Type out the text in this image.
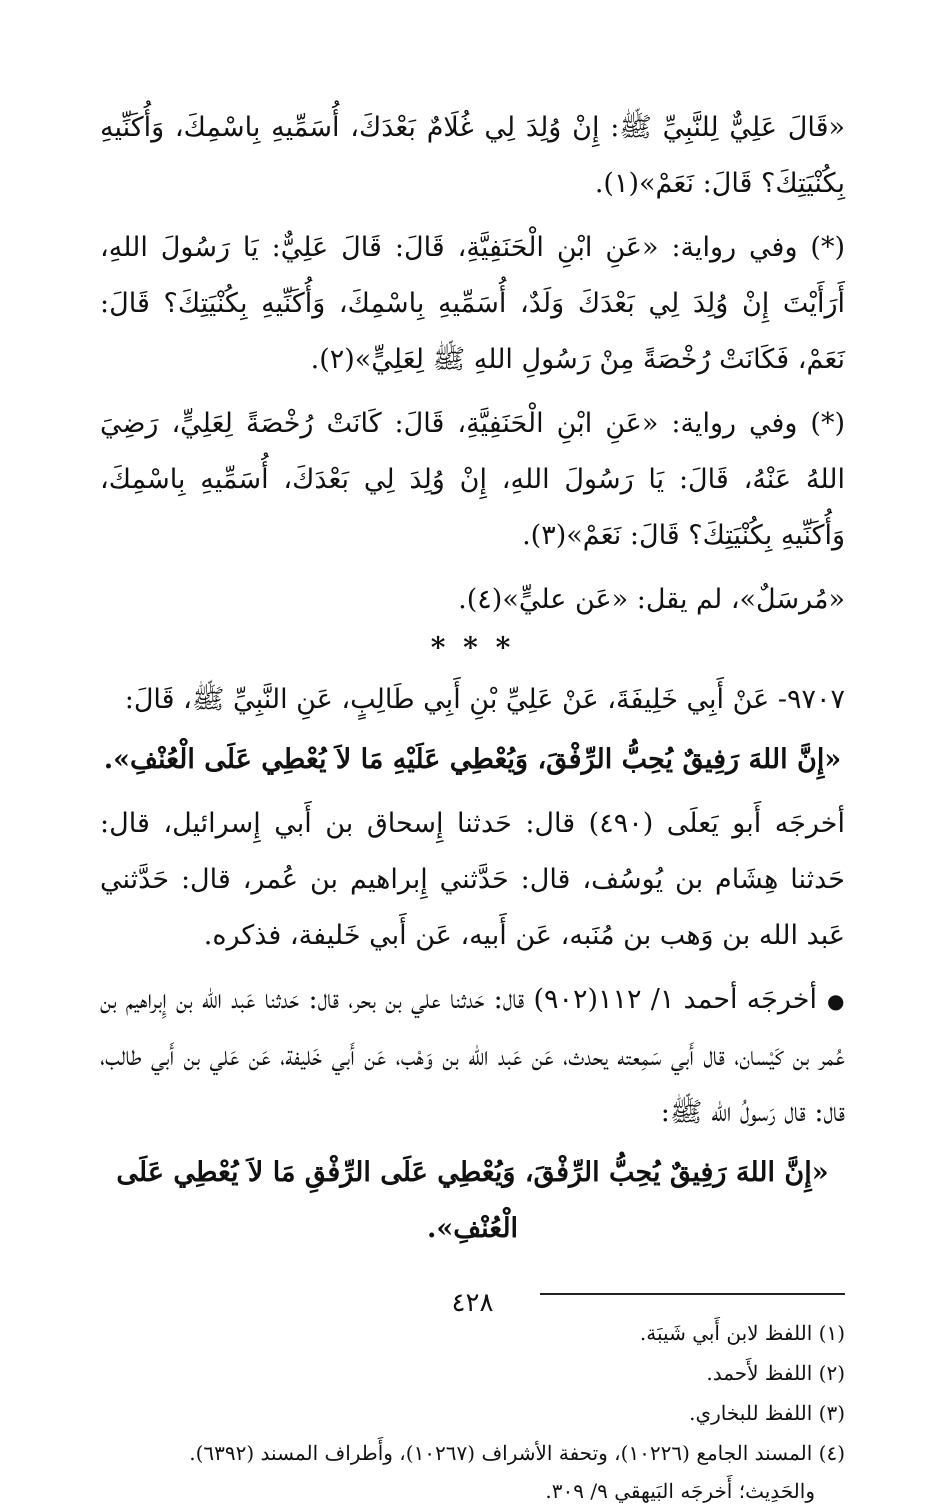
«قَالَ عَلِيٌّ لِلنَّبِيِّ ﷺ: إِنْ وُلِدَ لِي غُلَامٌ بَعْدَكَ، أُسَمِّيهِ بِاسْمِكَ، وَأُكَنِّيهِ بِكُنْيَتِكَ؟ قَالَ: نَعَمْ»(١).

(*) وفي رواية: «عَنِ ابْنِ الْحَنَفِيَّةِ، قَالَ: قَالَ عَلِيٌّ: يَا رَسُولَ اللهِ، أَرَأَيْتَ إِنْ وُلِدَ لِي بَعْدَكَ وَلَدٌ، أُسَمِّيهِ بِاسْمِكَ، وَأُكَنِّيهِ بِكُنْيَتِكَ؟ قَالَ: نَعَمْ، فَكَانَتْ رُخْصَةً مِنْ رَسُولِ اللهِ ﷺ لِعَلِيٍّ»(٢).

(*) وفي رواية: «عَنِ ابْنِ الْحَنَفِيَّةِ، قَالَ: كَانَتْ رُخْصَةً لِعَلِيٍّ، رَضِيَ اللهُ عَنْهُ، قَالَ: يَا رَسُولَ اللهِ، إِنْ وُلِدَ لِي بَعْدَكَ، أُسَمِّيهِ بِاسْمِكَ، وَأُكَنِّيهِ بِكُنْيَتِكَ؟ قَالَ: نَعَمْ»(٣).

«مُرسَلٌ»، لم يقل: «عَن عليٍّ»(٤).

* * *

٩٧٠٧- عَنْ أَبِي خَلِيفَةَ، عَنْ عَلِيِّ بْنِ أَبِي طَالِبٍ، عَنِ النَّبِيِّ ﷺ، قَالَ:

«إِنَّ اللهَ رَفِيقٌ يُحِبُّ الرِّفْقَ، وَيُعْطِي عَلَيْهِ مَا لاَ يُعْطِي عَلَى الْعُنْفِ».

أخرجَه أَبو يَعلَى (٤٩٠) قال: حَدثنا إِسحاق بن أَبي إِسرائيل، قال: حَدثنا هِشَام بن يُوسُف، قال: حَدَّثني إِبراهيم بن عُمر، قال: حَدَّثني عَبد الله بن وَهب بن مُنَبه، عَن أَبيه، عَن أَبي خَليفة، فذكره.

● أخرجَه أحمد ١/ ١١٢(٩٠٢) قال: حَدثنا علي بن بحر، قال: حَدثنا عَبد الله بن إِبراهيم بن عُمر بن كَيْسان، قال أَبي سَمِعته يحدث، عَن عَبد الله بن وَهْب، عَن أَبي خَليفة، عَن عَلي بن أَبي طالب، قال: قال رَسولُ الله ﷺ:

«إِنَّ اللهَ رَفِيقٌ يُحِبُّ الرِّفْقَ، وَيُعْطِي عَلَى الرِّفْقِ مَا لاَ يُعْطِي عَلَى الْعُنْفِ».

(١) اللفظ لابن أَبي شَيبَة.

(٢) اللفظ لأَحمد.

(٣) اللفظ للبخاري.

(٤) المسند الجامع (١٠٢٢٦)، وتحفة الأشراف (١٠٢٦٧)، وأَطراف المسند (٦٣٩٢).

والحَدِيث؛ أَخرجَه البَيهقي ٩/ ٣٠٩.

٤٢٨
